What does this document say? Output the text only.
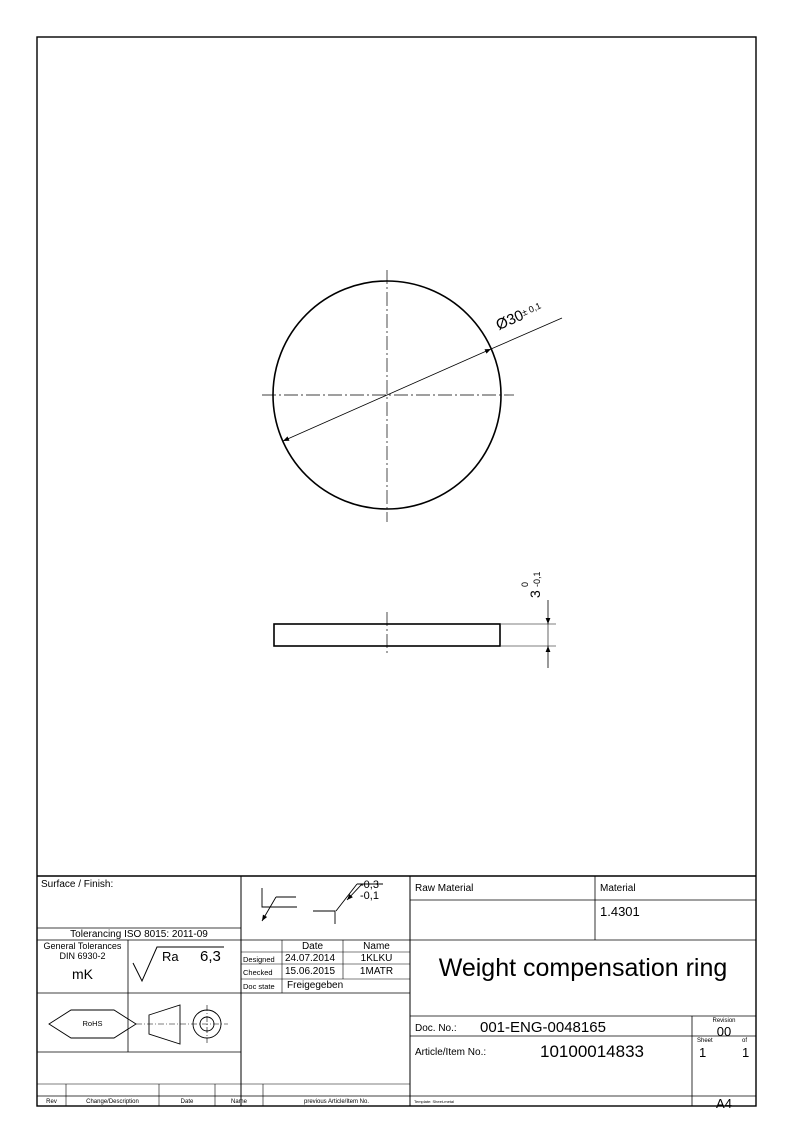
$Ø30^{\pm 0,1}$
3
0 -0,1
Surface / Finish:
Tolerancing ISO 8015: 2011-09
General Tolerances
DIN 6930-2
mK
Ra 6,3
RoHS
-0,3
-0,1
Date	Name
Designed 24.07.2014	1KLKU
Checked 15.06.2015	1MATR
Doc state Freigegeben
Raw Material	Material
1.4301
Weight compensation ring
Doc. No.: 001-ENG-0048165	Revision
00
Article/Item No.:	10100014833
Sheet	of
1	1
Template: Sheet-metal	A4
Rev	Change/Description	Date	Name	previous Article/Item No.
